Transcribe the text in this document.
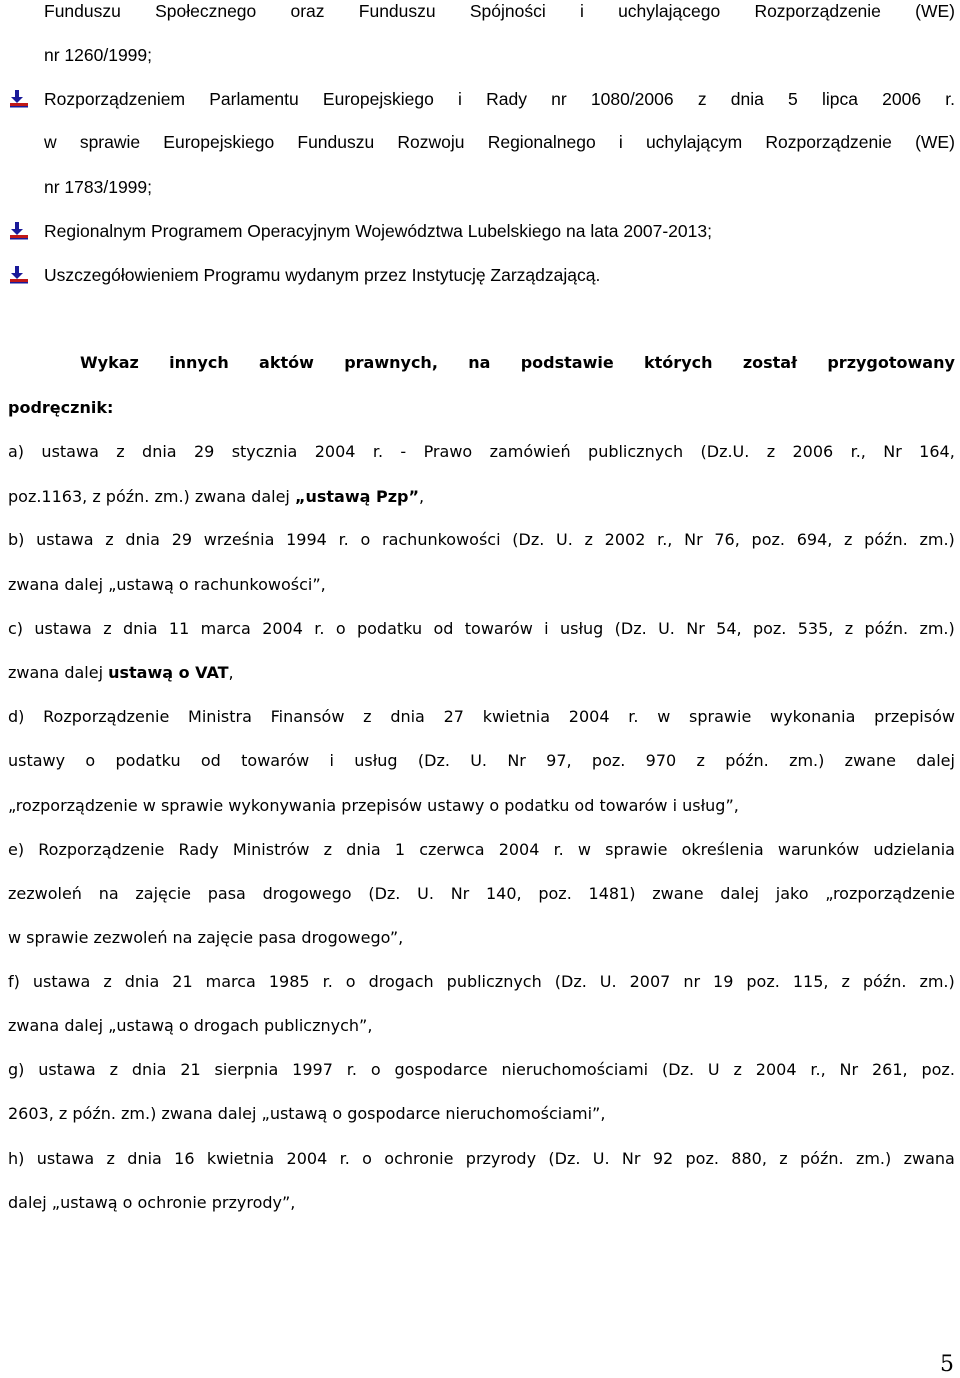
Funduszu Społecznego oraz Funduszu Spójności i uchylającego Rozporządzenie (WE)
nr 1260/1999;
Rozporządzeniem Parlamentu Europejskiego i Rady nr 1080/2006 z dnia 5 lipca 2006 r.
w sprawie Europejskiego Funduszu Rozwoju Regionalnego i uchylającym Rozporządzenie (WE)
nr 1783/1999;
Regionalnym Programem Operacyjnym Województwa Lubelskiego na lata 2007-2013;
Uszczegółowieniem Programu wydanym przez Instytucję Zarządzającą.
Wykaz innych aktów prawnych, na podstawie których został przygotowany
podręcznik:
a) ustawa z dnia 29 stycznia 2004 r. - Prawo zamówień publicznych (Dz.U. z 2006 r., Nr 164,
poz.1163, z późn. zm.) zwana dalej „ustawą Pzp”,
b) ustawa z dnia 29 września 1994 r. o rachunkowości (Dz. U. z 2002 r., Nr 76, poz. 694, z późn. zm.)
zwana dalej „ustawą o rachunkowości”,
c) ustawa z dnia 11 marca 2004 r. o podatku od towarów i usług (Dz. U. Nr 54, poz. 535, z późn. zm.)
zwana dalej ustawą o VAT,
d) Rozporządzenie Ministra Finansów z dnia 27 kwietnia 2004 r. w sprawie wykonania przepisów
ustawy o podatku od towarów i usług (Dz. U. Nr 97, poz. 970 z późn. zm.) zwane dalej
„rozporządzenie w sprawie wykonywania przepisów ustawy o podatku od towarów i usług”,
e) Rozporządzenie Rady Ministrów z dnia 1 czerwca 2004 r. w sprawie określenia warunków udzielania
zezwoleń na zajęcie pasa drogowego (Dz. U. Nr 140, poz. 1481) zwane dalej jako „rozporządzenie
w sprawie zezwoleń na zajęcie pasa drogowego”,
f) ustawa z dnia 21 marca 1985 r. o drogach publicznych (Dz. U. 2007 nr 19 poz. 115, z późn. zm.)
zwana dalej „ustawą o drogach publicznych”,
g) ustawa z dnia 21 sierpnia 1997 r. o gospodarce nieruchomościami (Dz. U z 2004 r., Nr 261, poz.
2603, z późn. zm.) zwana dalej „ustawą o gospodarce nieruchomościami”,
h) ustawa z dnia 16 kwietnia 2004 r. o ochronie przyrody (Dz. U. Nr 92 poz. 880, z późn. zm.) zwana
dalej „ustawą o ochronie przyrody”,
5
